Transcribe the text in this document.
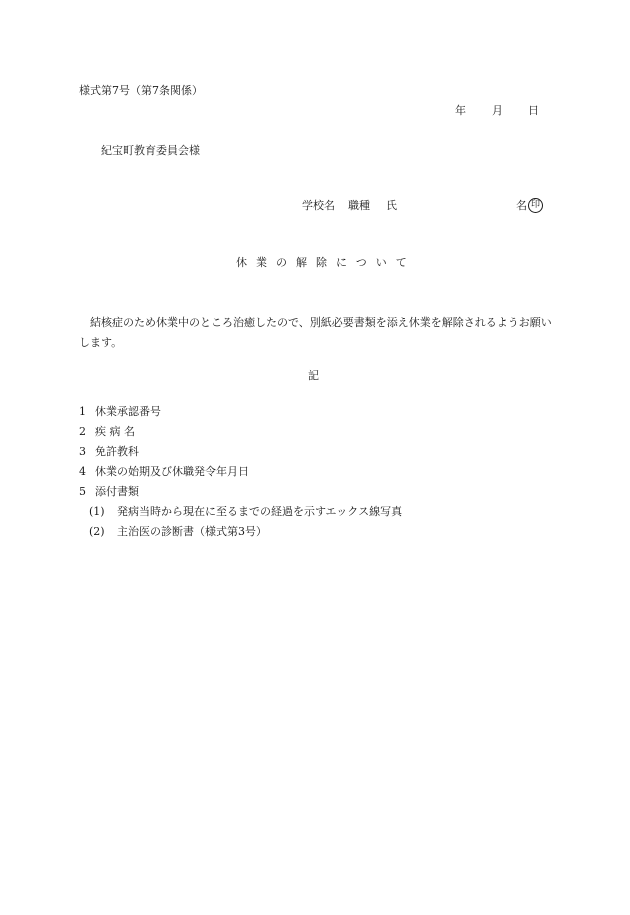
様式第7号（第7条関係）
年 月 日
紀宝町教育委員会様
学校名 職種 氏	名 印
休業の解除について
結核症のため休業中のところ治癒したので、別紙必要書類を添え休業を解除されるようお願いします。
記
1 休業承認番号
2 疾 病 名
3 免許教科
4 休業の始期及び休職発令年月日
5 添付書類
(1) 発病当時から現在に至るまでの経過を示すエックス線写真
(2) 主治医の診断書（様式第3号）
